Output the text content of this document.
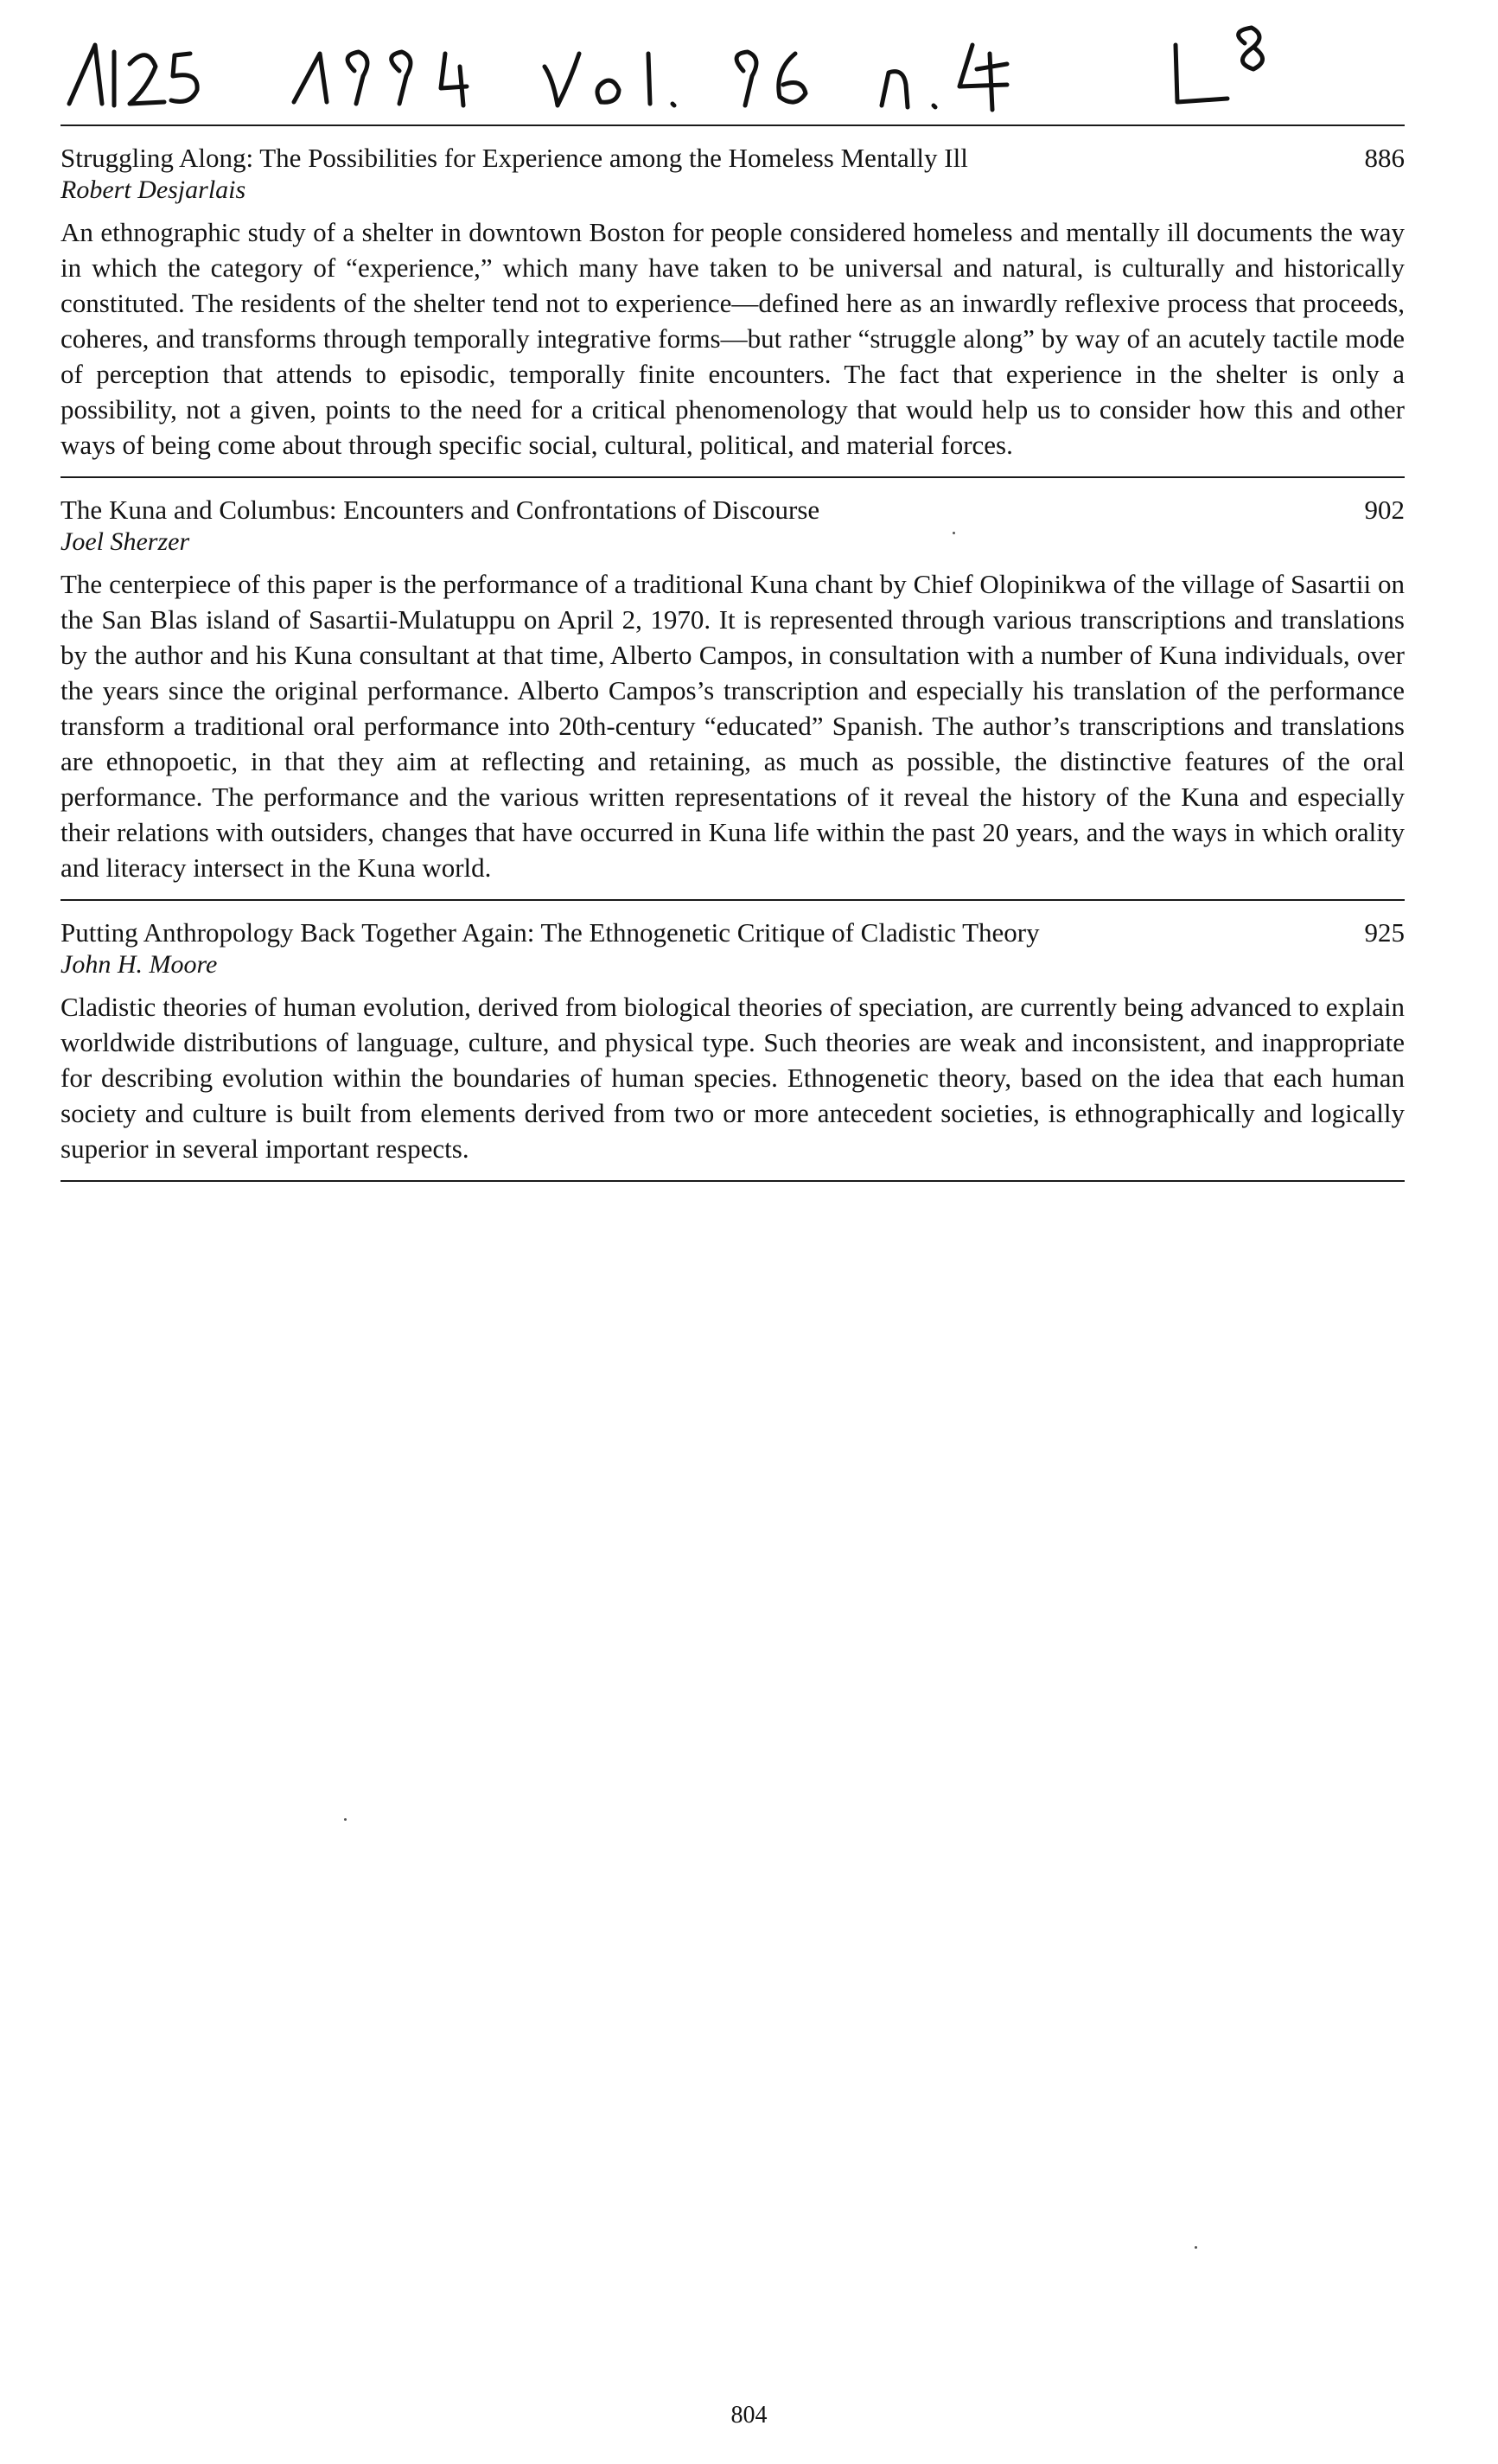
Struggling Along: The Possibilities for Experience among the Homeless Mentally Ill	886
Robert Desjarlais
An ethnographic study of a shelter in downtown Boston for people considered homeless and mentally ill documents the way in which the category of “experience,” which many have taken to be universal and natural, is culturally and historically constituted. The residents of the shelter tend not to experience—defined here as an inwardly reflexive process that proceeds, coheres, and transforms through temporally integrative forms—but rather “struggle along” by way of an acutely tactile mode of perception that attends to episodic, temporally finite encounters. The fact that experience in the shelter is only a possibility, not a given, points to the need for a critical phenomenology that would help us to consider how this and other ways of being come about through specific social, cultural, political, and material forces.
The Kuna and Columbus: Encounters and Confrontations of Discourse	902
Joel Sherzer
The centerpiece of this paper is the performance of a traditional Kuna chant by Chief Olopinikwa of the village of Sasartii on the San Blas island of Sasartii-Mulatuppu on April 2, 1970. It is represented through various transcriptions and translations by the author and his Kuna consultant at that time, Alberto Campos, in consultation with a number of Kuna individuals, over the years since the original performance. Alberto Campos’s transcription and especially his translation of the performance transform a traditional oral performance into 20th-century “educated” Spanish. The author’s transcriptions and translations are ethnopoetic, in that they aim at reflecting and retaining, as much as possible, the distinctive features of the oral performance. The performance and the various written representations of it reveal the history of the Kuna and especially their relations with outsiders, changes that have occurred in Kuna life within the past 20 years, and the ways in which orality and literacy intersect in the Kuna world.
Putting Anthropology Back Together Again: The Ethnogenetic Critique of Cladistic Theory	925
John H. Moore
Cladistic theories of human evolution, derived from biological theories of speciation, are currently being advanced to explain worldwide distributions of language, culture, and physical type. Such theories are weak and inconsistent, and inappropriate for describing evolution within the boundaries of human species. Ethnogenetic theory, based on the idea that each human society and culture is built from elements derived from two or more antecedent societies, is ethnographically and logically superior in several important respects.
804
